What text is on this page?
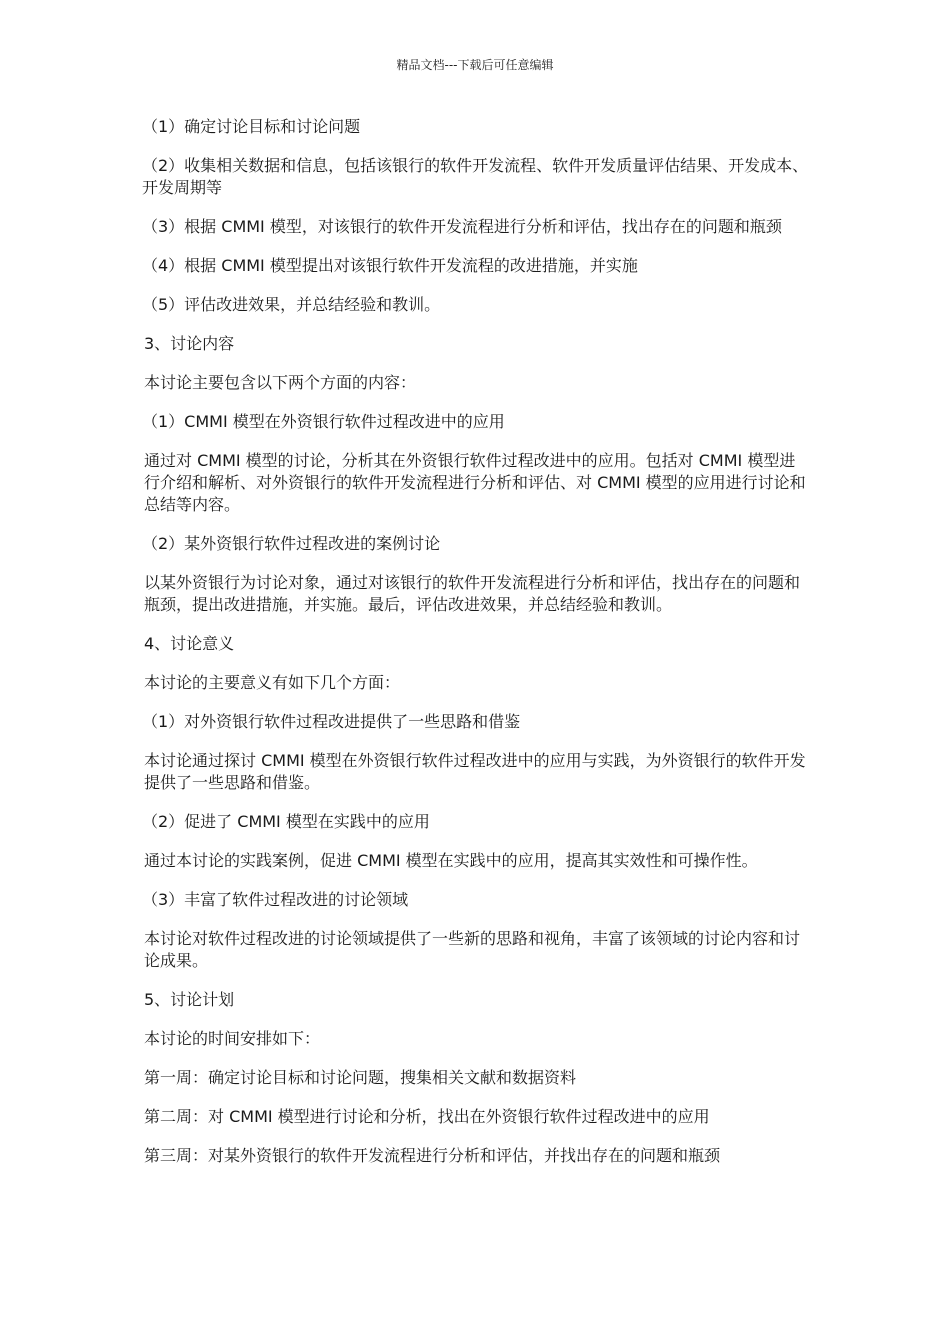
精品文档---下载后可任意编辑

（1）确定讨论目标和讨论问题

（2）收集相关数据和信息，包括该银行的软件开发流程、软件开发质量评估结果、开发成本、开发周期等

（3）根据 CMMI 模型，对该银行的软件开发流程进行分析和评估，找出存在的问题和瓶颈

（4）根据 CMMI 模型提出对该银行软件开发流程的改进措施，并实施

（5）评估改进效果，并总结经验和教训。

3、讨论内容

本讨论主要包含以下两个方面的内容：

（1）CMMI 模型在外资银行软件过程改进中的应用

通过对 CMMI 模型的讨论，分析其在外资银行软件过程改进中的应用。包括对 CMMI 模型进行介绍和解析、对外资银行的软件开发流程进行分析和评估、对 CMMI 模型的应用进行讨论和总结等内容。

（2）某外资银行软件过程改进的案例讨论

以某外资银行为讨论对象，通过对该银行的软件开发流程进行分析和评估，找出存在的问题和瓶颈，提出改进措施，并实施。最后，评估改进效果，并总结经验和教训。

4、讨论意义

本讨论的主要意义有如下几个方面：

（1）对外资银行软件过程改进提供了一些思路和借鉴

本讨论通过探讨 CMMI 模型在外资银行软件过程改进中的应用与实践，为外资银行的软件开发提供了一些思路和借鉴。

（2）促进了 CMMI 模型在实践中的应用

通过本讨论的实践案例，促进 CMMI 模型在实践中的应用，提高其实效性和可操作性。

（3）丰富了软件过程改进的讨论领域

本讨论对软件过程改进的讨论领域提供了一些新的思路和视角，丰富了该领域的讨论内容和讨论成果。

5、讨论计划

本讨论的时间安排如下：

第一周：确定讨论目标和讨论问题，搜集相关文献和数据资料

第二周：对 CMMI 模型进行讨论和分析，找出在外资银行软件过程改进中的应用

第三周：对某外资银行的软件开发流程进行分析和评估，并找出存在的问题和瓶颈
